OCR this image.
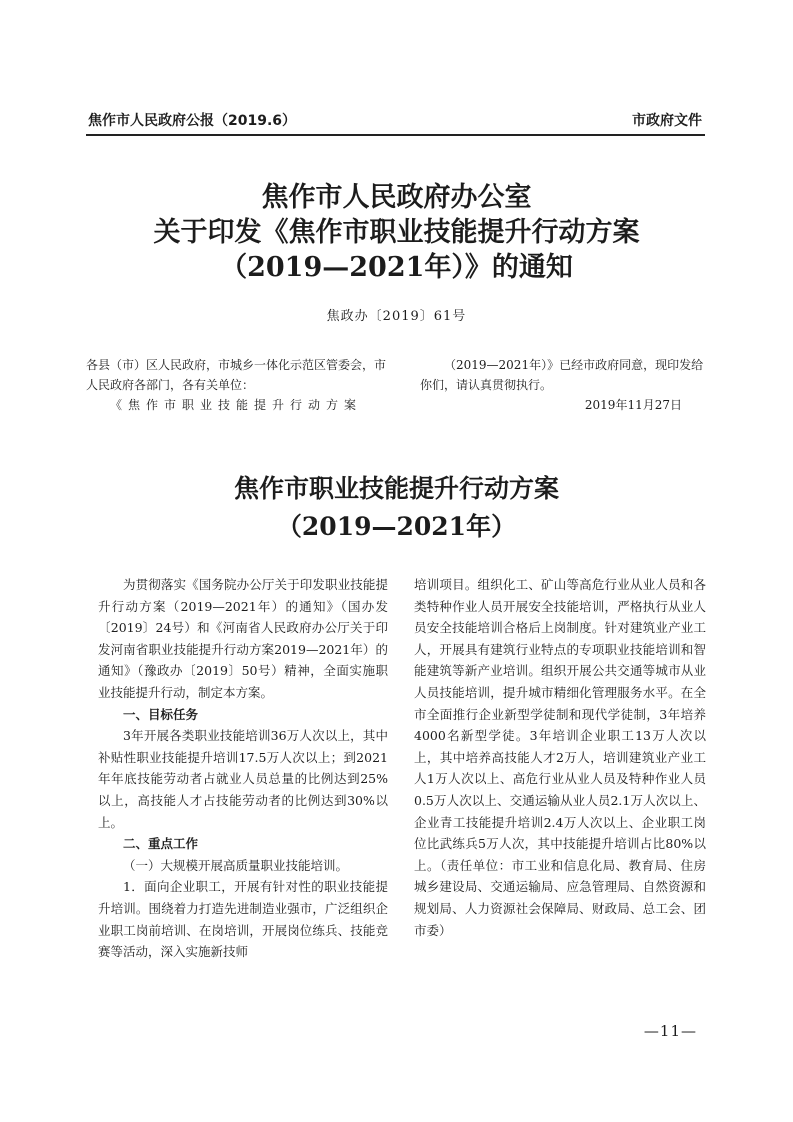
焦作市人民政府公报（2019.6）	市政府文件
焦作市人民政府办公室
关于印发《焦作市职业技能提升行动方案
（2019—2021年）》的通知
焦政办〔2019〕61号

各县（市）区人民政府，市城乡一体化示范区管委会，市人民政府各部门，各有关单位：

《焦作市职业技能提升行动方案

（2019—2021年）》已经市政府同意，现印发给你们，请认真贯彻执行。

2019年11月27日

焦作市职业技能提升行动方案
（2019—2021年）

为贯彻落实《国务院办公厅关于印发职业技能提升行动方案（2019—2021年）的通知》（国办发〔2019〕24号）和《河南省人民政府办公厅关于印发河南省职业技能提升行动方案2019—2021年）的通知》（豫政办〔2019〕50号）精神，全面实施职业技能提升行动，制定本方案。

一、目标任务

3年开展各类职业技能培训36万人次以上，其中补贴性职业技能提升培训17.5万人次以上；到2021年年底技能劳动者占就业人员总量的比例达到25%以上，高技能人才占技能劳动者的比例达到30%以上。

二、重点工作

（一）大规模开展高质量职业技能培训。

1．面向企业职工，开展有针对性的职业技能提升培训。围绕着力打造先进制造业强市，广泛组织企业职工岗前培训、在岗培训，开展岗位练兵、技能竞赛等活动，深入实施新技师

培训项目。组织化工、矿山等高危行业从业人员和各类特种作业人员开展安全技能培训，严格执行从业人员安全技能培训合格后上岗制度。针对建筑业产业工人，开展具有建筑行业特点的专项职业技能培训和智能建筑等新产业培训。组织开展公共交通等城市从业人员技能培训，提升城市精细化管理服务水平。在全市全面推行企业新型学徒制和现代学徒制，3年培养4000名新型学徒。3年培训企业职工13万人次以上，其中培养高技能人才2万人，培训建筑业产业工人1万人次以上、高危行业从业人员及特种作业人员0.5万人次以上、交通运输从业人员2.1万人次以上、企业青工技能提升培训2.4万人次以上、企业职工岗位比武练兵5万人次，其中技能提升培训占比80%以上。（责任单位：市工业和信息化局、教育局、住房城乡建设局、交通运输局、应急管理局、自然资源和规划局、人力资源社会保障局、财政局、总工会、团市委）

—11—
